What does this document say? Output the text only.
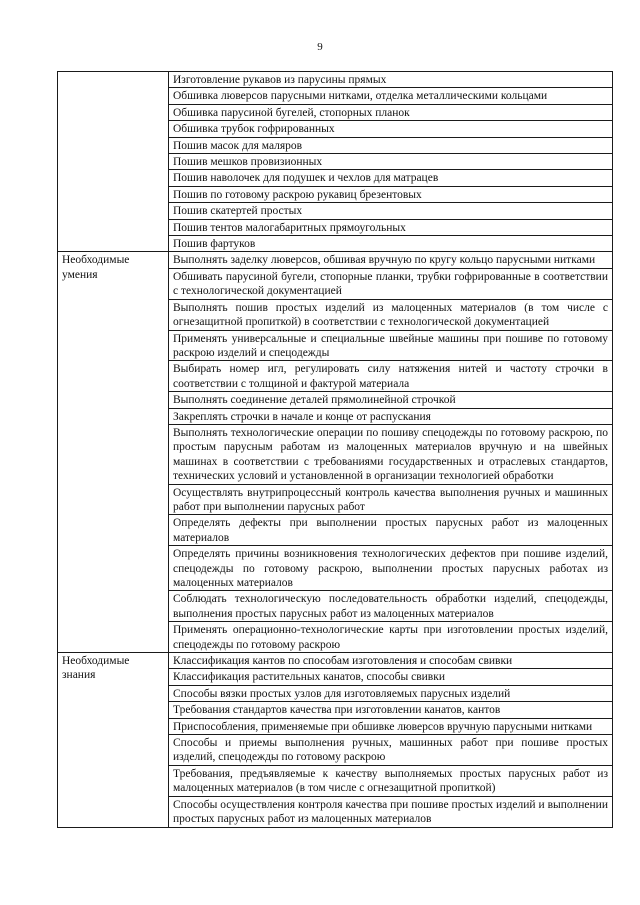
9
	Изготовление рукавов из парусины прямых
	Обшивка люверсов парусными нитками, отделка металлическими кольцами
	Обшивка парусиной бугелей, стопорных планок
	Обшивка трубок гофрированных
	Пошив масок для маляров
	Пошив мешков провизионных
	Пошив наволочек для подушек и чехлов для матрацев
	Пошив по готовому раскрою рукавиц брезентовых
	Пошив скатертей простых
	Пошив тентов малогабаритных прямоугольных
	Пошив фартуков
Необходимые умения	Выполнять заделку люверсов, обшивая вручную по кругу кольцо парусными нитками
	Обшивать парусиной бугели, стопорные планки, трубки гофрированные в соответствии с технологической документацией
	Выполнять пошив простых изделий из малоценных материалов (в том числе с огнезащитной пропиткой) в соответствии с технологической документацией
	Применять универсальные и специальные швейные машины при пошиве по готовому раскрою изделий и спецодежды
	Выбирать номер игл, регулировать силу натяжения нитей и частоту строчки в соответствии с толщиной и фактурой материала
	Выполнять соединение деталей прямолинейной строчкой
	Закреплять строчки в начале и конце от распускания
	Выполнять технологические операции по пошиву спецодежды по готовому раскрою, по простым парусным работам из малоценных материалов вручную и на швейных машинах в соответствии с требованиями государственных и отраслевых стандартов, технических условий и установленной в организации технологией обработки
	Осуществлять внутрипроцессный контроль качества выполнения ручных и машинных работ при выполнении парусных работ
	Определять дефекты при выполнении простых парусных работ из малоценных материалов
	Определять причины возникновения технологических дефектов при пошиве изделий, спецодежды по готовому раскрою, выполнении простых парусных работах из малоценных материалов
	Соблюдать технологическую последовательность обработки изделий, спецодежды, выполнения простых парусных работ из малоценных материалов
	Применять операционно-технологические карты при изготовлении простых изделий, спецодежды по готовому раскрою
Необходимые знания	Классификация кантов по способам изготовления и способам свивки
	Классификация растительных канатов, способы свивки
	Способы вязки простых узлов для изготовляемых парусных изделий
	Требования стандартов качества при изготовлении канатов, кантов
	Приспособления, применяемые при обшивке люверсов вручную парусными нитками
	Способы и приемы выполнения ручных, машинных работ при пошиве простых изделий, спецодежды по готовому раскрою
	Требования, предъявляемые к качеству выполняемых простых парусных работ из малоценных материалов (в том числе с огнезащитной пропиткой)
	Способы осуществления контроля качества при пошиве простых изделий и выполнении простых парусных работ из малоценных материалов
